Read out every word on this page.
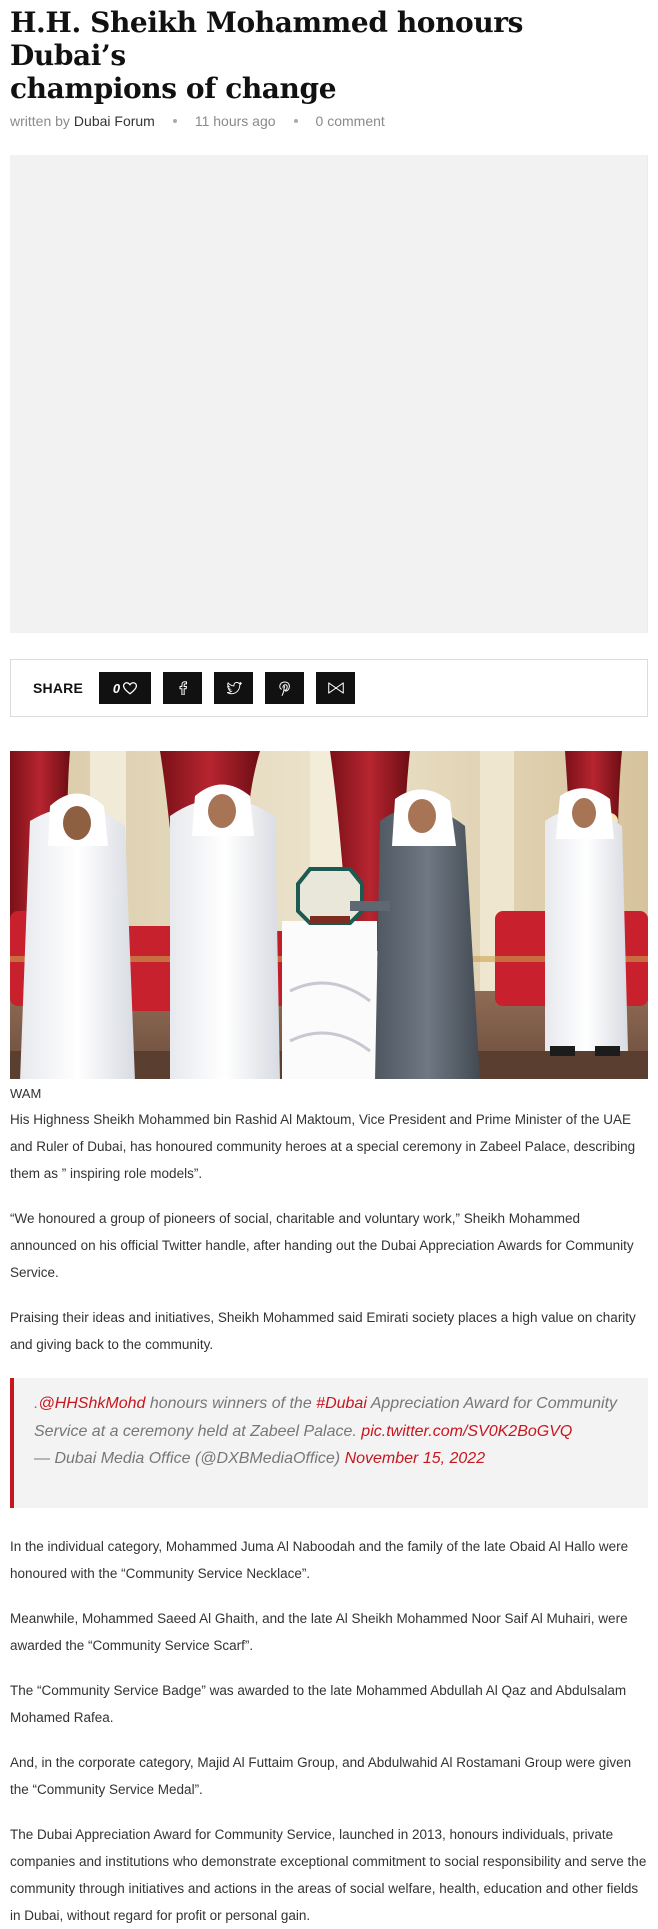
H.H. Sheikh Mohammed honours Dubai’s
champions of change
written by Dubai Forum	11 hours ago	0 comment
SHARE	0
WAM

His Highness Sheikh Mohammed bin Rashid Al Maktoum, Vice President and Prime Minister of the UAE and Ruler of Dubai, has honoured community heroes at a special ceremony in Zabeel Palace, describing them as ” inspiring role models”.

“We honoured a group of pioneers of social, charitable and voluntary work,” Sheikh Mohammed announced on his official Twitter handle, after handing out the Dubai Appreciation Awards for Community Service.

Praising their ideas and initiatives, Sheikh Mohammed said Emirati society places a high value on charity and giving back to the community.

.@HHShkMohd honours winners of the #Dubai Appreciation Award for Community Service at a ceremony held at Zabeel Palace. pic.twitter.com/SV0K2BoGVQ
— Dubai Media Office (@DXBMediaOffice) November 15, 2022

In the individual category, Mohammed Juma Al Naboodah and the family of the late Obaid Al Hallo were honoured with the “Community Service Necklace”.

Meanwhile, Mohammed Saeed Al Ghaith, and the late Al Sheikh Mohammed Noor Saif Al Muhairi, were awarded the “Community Service Scarf”.

The “Community Service Badge” was awarded to the late Mohammed Abdullah Al Qaz and Abdulsalam Mohamed Rafea.

And, in the corporate category, Majid Al Futtaim Group, and Abdulwahid Al Rostamani Group were given the “Community Service Medal”.

The Dubai Appreciation Award for Community Service, launched in 2013, honours individuals, private companies and institutions who demonstrate exceptional commitment to social responsibility and serve the community through initiatives and actions in the areas of social welfare, health, education and other fields in Dubai, without regard for profit or personal gain.
